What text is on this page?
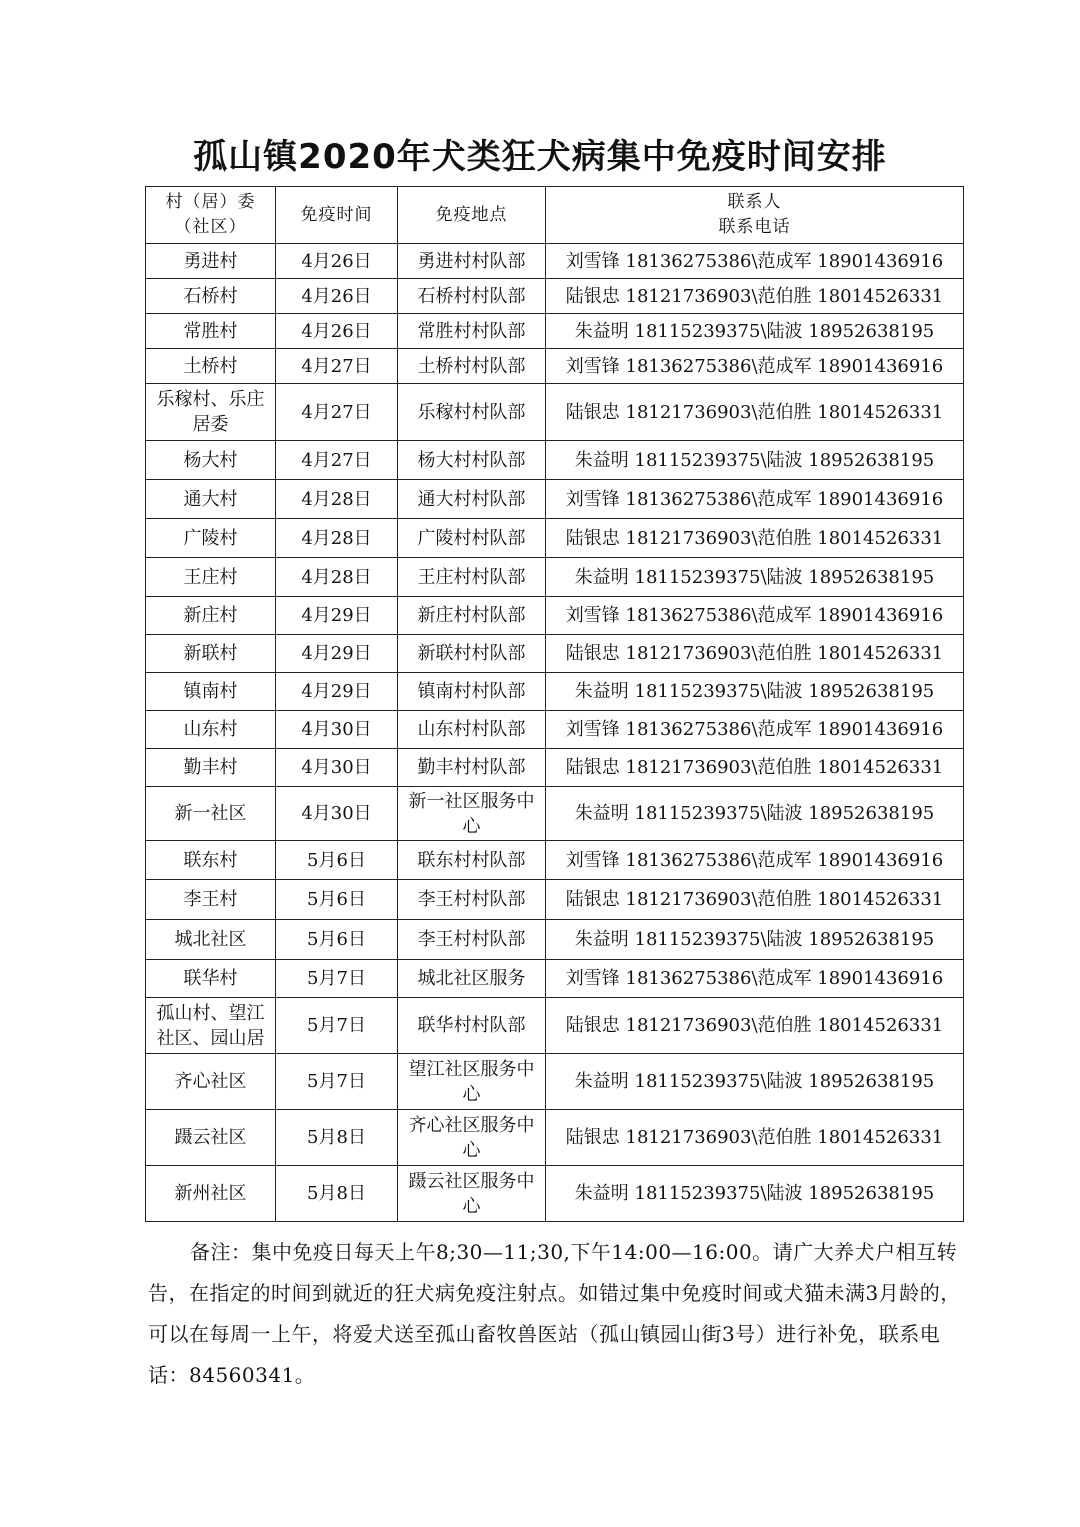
孤山镇2020年犬类狂犬病集中免疫时间安排
村（居）委（社区）	免疫时间	免疫地点	联系人
联系电话

勇进村	4月26日	勇进村村队部	刘雪锋 18136275386\范成军 18901436916
石桥村	4月26日	石桥村村队部	陆银忠 18121736903\范伯胜 18014526331
常胜村	4月26日	常胜村村队部	朱益明 18115239375\陆波 18952638195
土桥村	4月27日	土桥村村队部	刘雪锋 18136275386\范成军 18901436916
乐稼村、乐庄居委	4月27日	乐稼村村队部	陆银忠 18121736903\范伯胜 18014526331
杨大村	4月27日	杨大村村队部	朱益明 18115239375\陆波 18952638195
通大村	4月28日	通大村村队部	刘雪锋 18136275386\范成军 18901436916
广陵村	4月28日	广陵村村队部	陆银忠 18121736903\范伯胜 18014526331
王庄村	4月28日	王庄村村队部	朱益明 18115239375\陆波 18952638195
新庄村	4月29日	新庄村村队部	刘雪锋 18136275386\范成军 18901436916
新联村	4月29日	新联村村队部	陆银忠 18121736903\范伯胜 18014526331
镇南村	4月29日	镇南村村队部	朱益明 18115239375\陆波 18952638195
山东村	4月30日	山东村村队部	刘雪锋 18136275386\范成军 18901436916
勤丰村	4月30日	勤丰村村队部	陆银忠 18121736903\范伯胜 18014526331
新一社区	4月30日	新一社区服务中心	朱益明 18115239375\陆波 18952638195
联东村	5月6日	联东村村队部	刘雪锋 18136275386\范成军 18901436916
李王村	5月6日	李王村村队部	陆银忠 18121736903\范伯胜 18014526331
城北社区	5月6日	李王村村队部	朱益明 18115239375\陆波 18952638195
联华村	5月7日	城北社区服务	刘雪锋 18136275386\范成军 18901436916
孤山村、望江社区、园山居	5月7日	联华村村队部	陆银忠 18121736903\范伯胜 18014526331
齐心社区	5月7日	望江社区服务中心	朱益明 18115239375\陆波 18952638195
蹑云社区	5月8日	齐心社区服务中心	陆银忠 18121736903\范伯胜 18014526331
新州社区	5月8日	蹑云社区服务中心	朱益明 18115239375\陆波 18952638195
备注：集中免疫日每天上午8;30—11;30,下午14:00—16:00。请广大养犬户相互转告，在指定的时间到就近的狂犬病免疫注射点。如错过集中免疫时间或犬猫未满3月龄的，可以在每周一上午，将爱犬送至孤山畜牧兽医站（孤山镇园山街3号）进行补免，联系电话：84560341。
